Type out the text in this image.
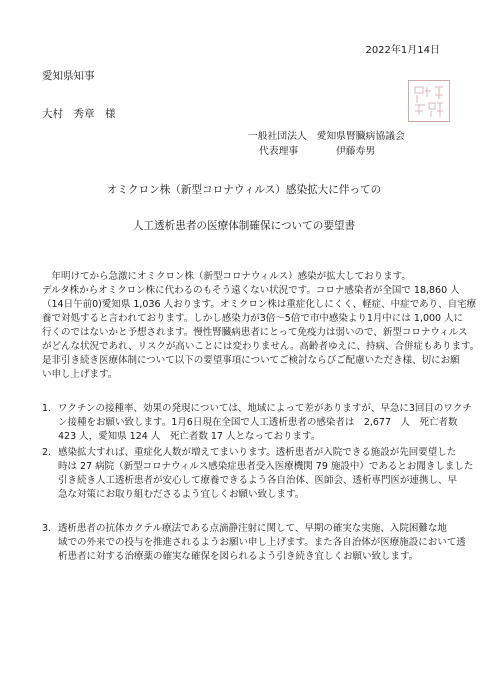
2022年1月14日
愛知県知事
大村　秀章　様
一般社団法人　愛知県腎臓病協議会
代表理事	伊藤寿男
オミクロン株（新型コロナウィルス）感染拡大に伴っての
人工透析患者の医療体制確保についての要望書

　年明けてから急激にオミクロン株（新型コロナウィルス）感染が拡大しております。

デルタ株からオミクロン株に代わるのもそう遠くない状況です。コロナ感染者が全国で 18,860 人

（14日午前0)愛知県 1,036 人おります。オミクロン株は重症化しにくく、軽症、中症であり、自宅療

養で対処すると言われております。しかし感染力が3倍～5倍で市中感染より1月中には 1,000 人に

行くのではないかと予想されます。慢性腎臓病患者にとって免疫力は弱いので、新型コロナウィルス

がどんな状況であれ、リスクが高いことには変わりません。高齢者ゆえに、持病、合併症もあります。

是非引き続き医療体制について以下の要望事項についてご検討ならびご配慮いただき様、切にお願

い申し上げます。

1. ワクチンの接種率、効果の発現については、地域によって差がありますが、早急に3回目のワクチ

ン接種をお願い致します。1月6日現在全国で人工透析患者の感染者は　2,677　人　死亡者数

423 人，愛知県 124 人　死亡者数 17 人となっております。

2. 感染拡大すれば、重症化人数が増えてまいります。透析患者が入院できる施設が先回要望した

時は 27 病院（新型コロナウィルス感染症患者受入医療機関 79 施設中）であるとお聞きしました

引き続き人工透析患者が安心して療養できるよう各自治体、医師会、透析専門医が連携し、早

急な対策にお取り組むださるよう宜しくお願い致します。

3. 透析患者の抗体カクテル療法である点滴静注射に関して、早期の確実な実施、入院困難な地

域での外来での投与を推進されるようお願い申し上げます。また各自治体が医療施設において透

析患者に対する治療薬の確実な確保を図られるよう引き続き宜しくお願い致します。
